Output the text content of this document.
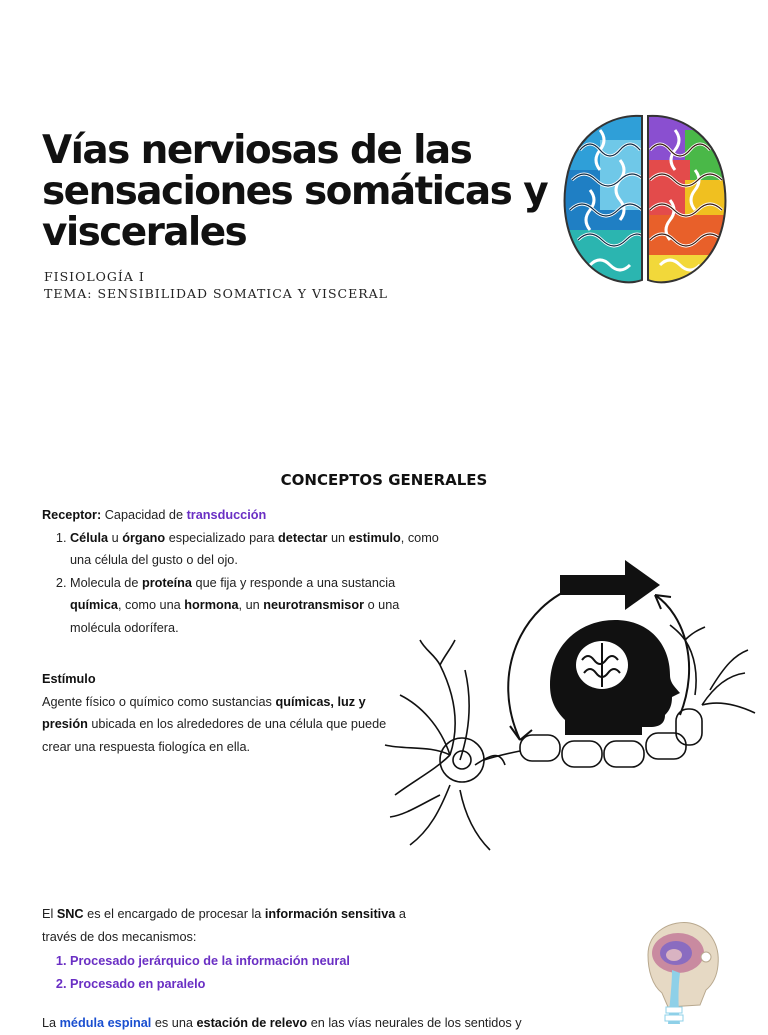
Vías nerviosas de las sensaciones somáticas y viscerales
FISIOLOGÍA I
TEMA: SENSIBILIDAD SOMATICA Y VISCERAL
CONCEPTOS GENERALES
Receptor: Capacidad de transducción
1. Célula u órgano especializado para detectar un estimulo, como una célula del gusto o del ojo.
2. Molecula de proteína que fija y responde a una sustancia química, como una hormona, un neurotransmisor o una molécula odorífera.
Estímulo
Agente físico o químico como sustancias químicas, luz y presión ubicada en los alrededores de una célula que puede crear una respuesta fiologíca en ella.
El SNC es el encargado de procesar la información sensitiva a través de dos mecanismos:
1. Procesado jerárquico de la información neural
2. Procesado en paralelo
La médula espinal es una estación de relevo en las vías neurales de los sentidos y
